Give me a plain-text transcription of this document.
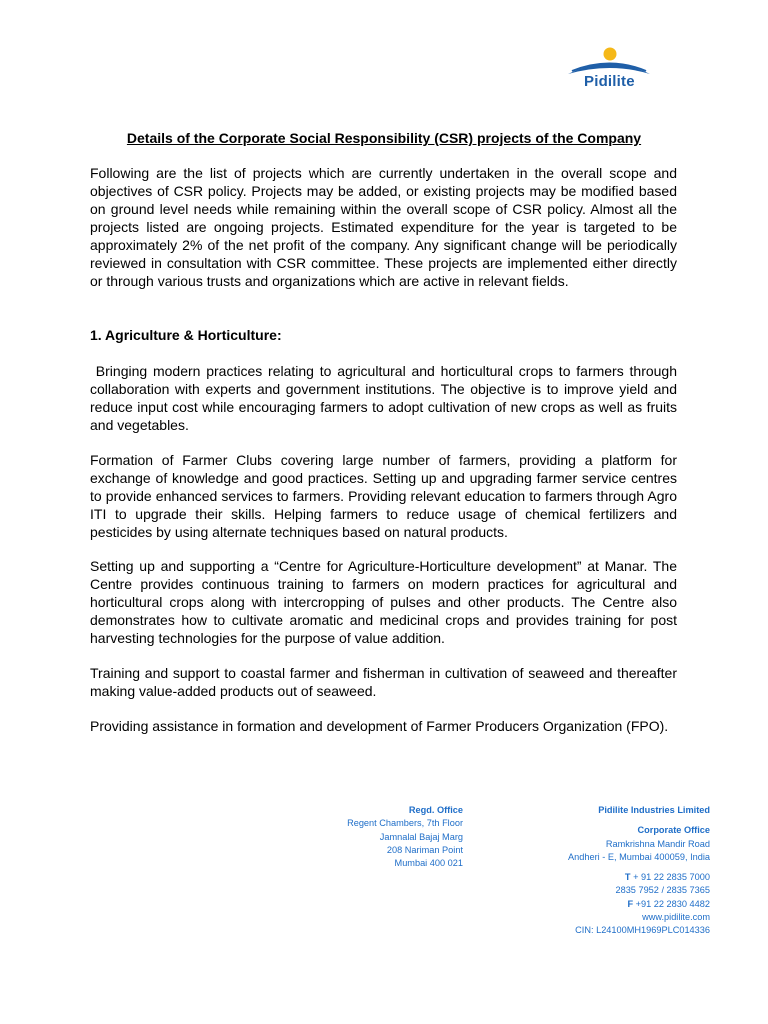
Pidilite
Details of the Corporate Social Responsibility (CSR) projects of the Company

Following are the list of projects which are currently undertaken in the overall scope and objectives of CSR policy. Projects may be added, or existing projects may be modified based on ground level needs while remaining within the overall scope of CSR policy. Almost all the projects listed are ongoing projects. Estimated expenditure for the year is targeted to be approximately 2% of the net profit of the company. Any significant change will be periodically reviewed in consultation with CSR committee. These projects are implemented either directly or through various trusts and organizations which are active in relevant fields.

1. Agriculture & Horticulture:

Bringing modern practices relating to agricultural and horticultural crops to farmers through collaboration with experts and government institutions. The objective is to improve yield and reduce input cost while encouraging farmers to adopt cultivation of new crops as well as fruits and vegetables.

Formation of Farmer Clubs covering large number of farmers, providing a platform for exchange of knowledge and good practices. Setting up and upgrading farmer service centres to provide enhanced services to farmers. Providing relevant education to farmers through Agro ITI to upgrade their skills. Helping farmers to reduce usage of chemical fertilizers and pesticides by using alternate techniques based on natural products.

Setting up and supporting a “Centre for Agriculture-Horticulture development” at Manar. The Centre provides continuous training to farmers on modern practices for agricultural and horticultural crops along with intercropping of pulses and other products. The Centre also demonstrates how to cultivate aromatic and medicinal crops and provides training for post harvesting technologies for the purpose of value addition.

Training and support to coastal farmer and fisherman in cultivation of seaweed and thereafter making value-added products out of seaweed.

Providing assistance in formation and development of Farmer Producers Organization (FPO).

Regd. Office
Regent Chambers, 7th Floor
Jamnalal Bajaj Marg
208 Nariman Point
Mumbai 400 021
Pidilite Industries Limited
Corporate Office
Ramkrishna Mandir Road
Andheri - E, Mumbai 400059, India
T + 91 22 2835 7000
2835 7952 / 2835 7365
F +91 22 2830 4482
www.pidilite.com
CIN: L24100MH1969PLC014336
